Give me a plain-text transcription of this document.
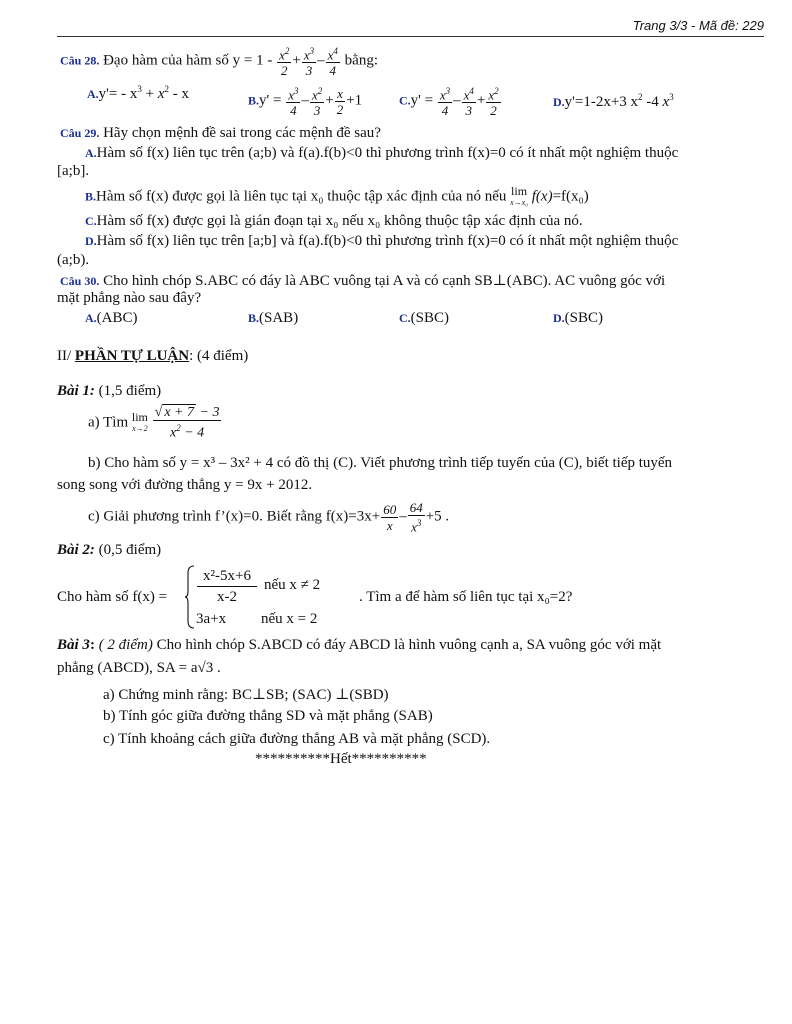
Trang 3/3 - Mã đề: 229
Câu 28. Đạo hàm của hàm số $y = 1 - \frac{x^2}{2} + \frac{x^3}{3} - \frac{x^4}{4}$ bằng:
$A.y'= - x^3 + x^2 - x$	$B.y' = \frac{x^3}{4} - \frac{x^2}{3} + \frac{x}{2} +1$	$C.y' = \frac{x^3}{4} - \frac{x^4}{3} + \frac{x^2}{2}$	D.y'=1-2x+3 $x^2$ -4 $x^3$
Câu 29. Hãy chọn mệnh đề sai trong các mệnh đề sau?
A.Hàm số f(x) liên tục trên (a;b) và f(a).f(b)<0 thì phương trình f(x)=0 có ít nhất một nghiệm thuộc
[a;b].
B.Hàm số f(x) được gọi là liên tục tại x₀ thuộc tập xác định của nó nếu lim
x→x₀ f(x)=f(x₀)
C.Hàm số f(x) được gọi là gián đoạn tại x₀ nếu x₀ không thuộc tập xác định của nó.
D.Hàm số f(x) liên tục trên [a;b] và f(a).f(b)<0 thì phương trình f(x)=0 có ít nhất một nghiệm thuộc
(a;b).
Câu 30. Cho hình chóp S.ABC có đáy là ABC vuông tại A và có cạnh SB⊥(ABC). AC vuông góc với
mặt phẳng nào sau đây?
A.(ABC)	B.(SAB)	C.(SBC)	D.(SBC)
II/ PHẦN TỰ LUẬN: (4 điểm)
Bài 1: (1,5 điểm)
a) Tìm lim
x→2
$\frac{√ x + 7 - 3}{x^2 - 4}$
b) Cho hàm số y = x³ – 3x² + 4 có đồ thị (C). Viết phương trình tiếp tuyến của (C), biết tiếp tuyến
song song với đường thẳng y = 9x + 2012.
c) Giải phương trình f’(x)=0. Biết rằng $f(x)=3x+ \frac{60}{x} - \frac{64}{x^3} +5$ .
Bài 2: (0,5 điểm)
Cho hàm số $f(x) = \frac{\text{x²-5x+6}}{x-2}$ nếu x ≠ 2
3a+x nếu x = 2
. Tìm a để hàm số liên tục tại x₀=2?
Bài 3: ( 2 điểm) Cho hình chóp S.ABCD có đáy ABCD là hình vuông cạnh a, SA vuông góc với mặt
phẳng (ABCD), SA = a√3 .
a) Chứng minh rằng: BC⊥SB; (SAC) ⊥(SBD)
b) Tính góc giữa đường thẳng SD và mặt phẳng (SAB)
c) Tính khoảng cách giữa đường thẳng AB và mặt phẳng (SCD).
**********Hết**********
